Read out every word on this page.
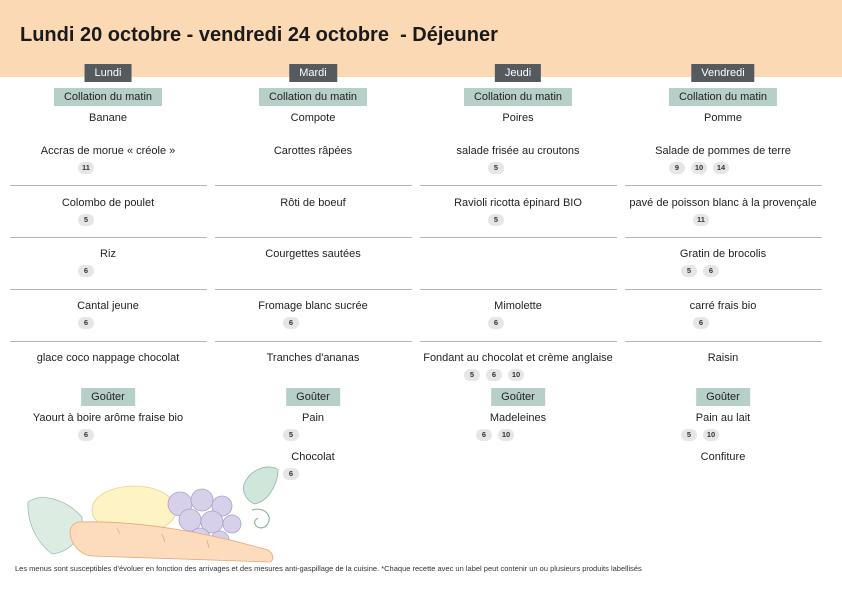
Lundi 20 octobre - vendredi 24 octobre  - Déjeuner
Lundi
Collation du matin
Banane
Accras de morue « créole »
11
Colombo de poulet
5
Riz
6
Cantal jeune
6
glace coco nappage chocolat
Goûter
Yaourt à boire arôme fraise bio
6
Mardi
Collation du matin
Compote
Carottes râpées
Rôti de boeuf
Courgettes sautées
Fromage blanc sucrée
6
Tranches d'ananas
Goûter
Pain
5
Chocolat
6
Jeudi
Collation du matin
Poires
salade frisée au croutons
5
Ravioli ricotta épinard BIO
5
Mimolette
6
Fondant au chocolat et crème anglaise
5	6	10
Goûter
Madeleines
6	10
Vendredi
Collation du matin
Pomme
Salade de pommes de terre
9	10	14
pavé de poisson blanc à la provençale
11
Gratin de brocolis
5	6
carré frais bio
6
Raisin
Goûter
Pain au lait
5	10
Confiture
Les menus sont susceptibles d'évoluer en fonction des arrivages et des mesures anti-gaspillage de la cuisine. *Chaque recette avec un label peut contenir un ou plusieurs produits labellisés
